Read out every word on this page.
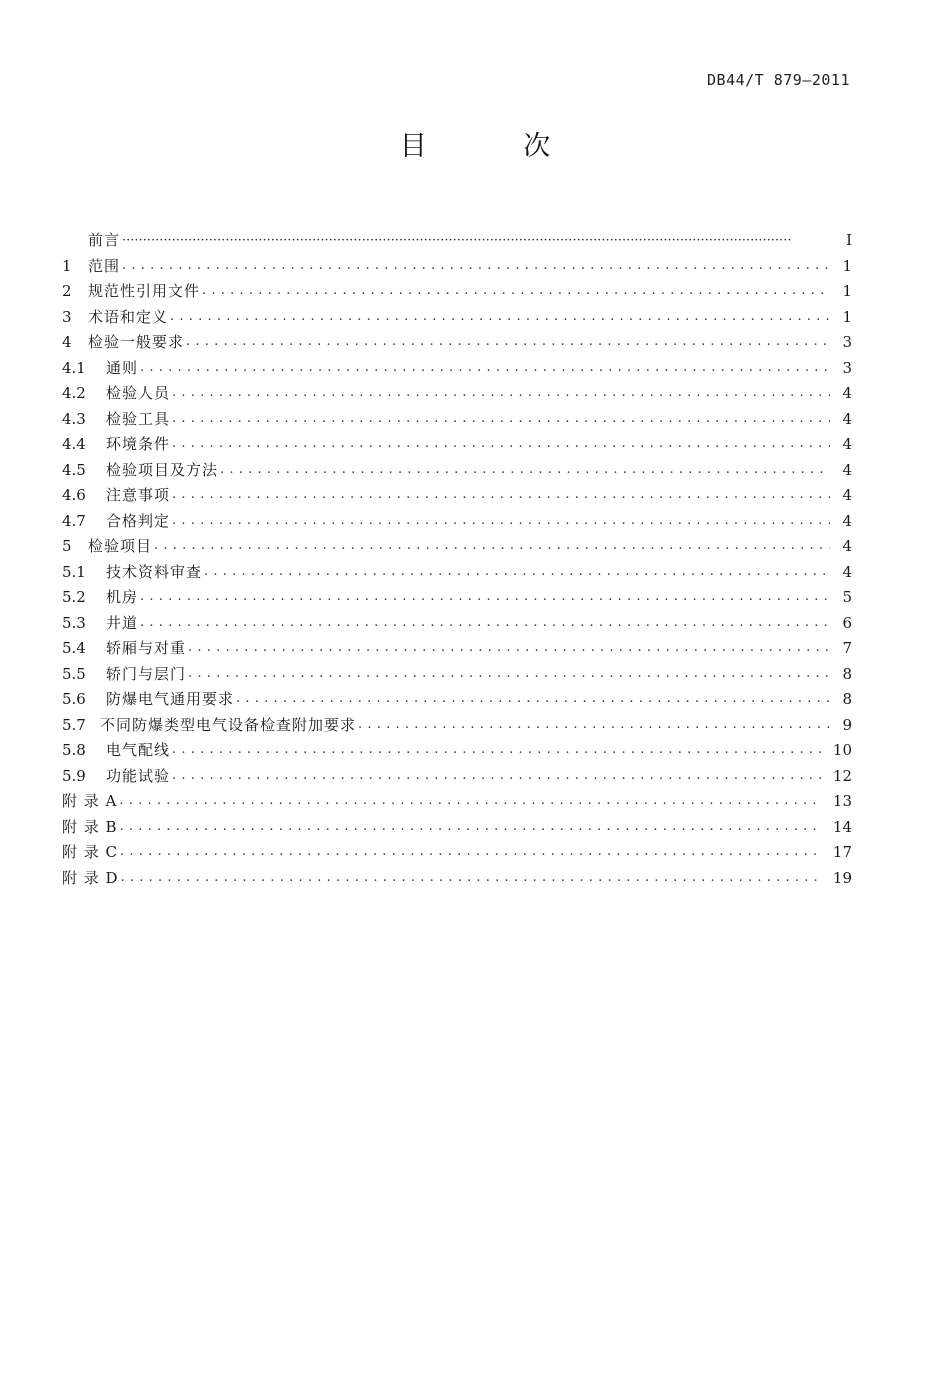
DB44/T 879—2011
目 次
前言 ·····	I
1	范围 . . .	1
2	规范性引用文件 . . .	1
3	术语和定义 . . .	1
4	检验一般要求 . . .	3
4.1	通则 . . .	3
4.2	检验人员 . . .	4
4.3	检验工具 . . .	4
4.4	环境条件 . . .	4
4.5	检验项目及方法 . . .	4
4.6	注意事项 . . .	4
4.7	合格判定 . . .	4
5	检验项目 . . .	4
5.1	技术资料审查 . . .	4
5.2	机房 . . .	5
5.3	井道 . . .	6
5.4	轿厢与对重 . . .	7
5.5	轿门与层门 . . .	8
5.6	防爆电气通用要求 . . .	8
5.7 不同防爆类型电气设备检查附加要求 . . .	9
5.8	电气配线 . . .	10
5.9	功能试验 . . .	12
附 录 A . . .	13
附 录 B . . .	14
附 录 C . . .	17
附 录 D . . .	19
